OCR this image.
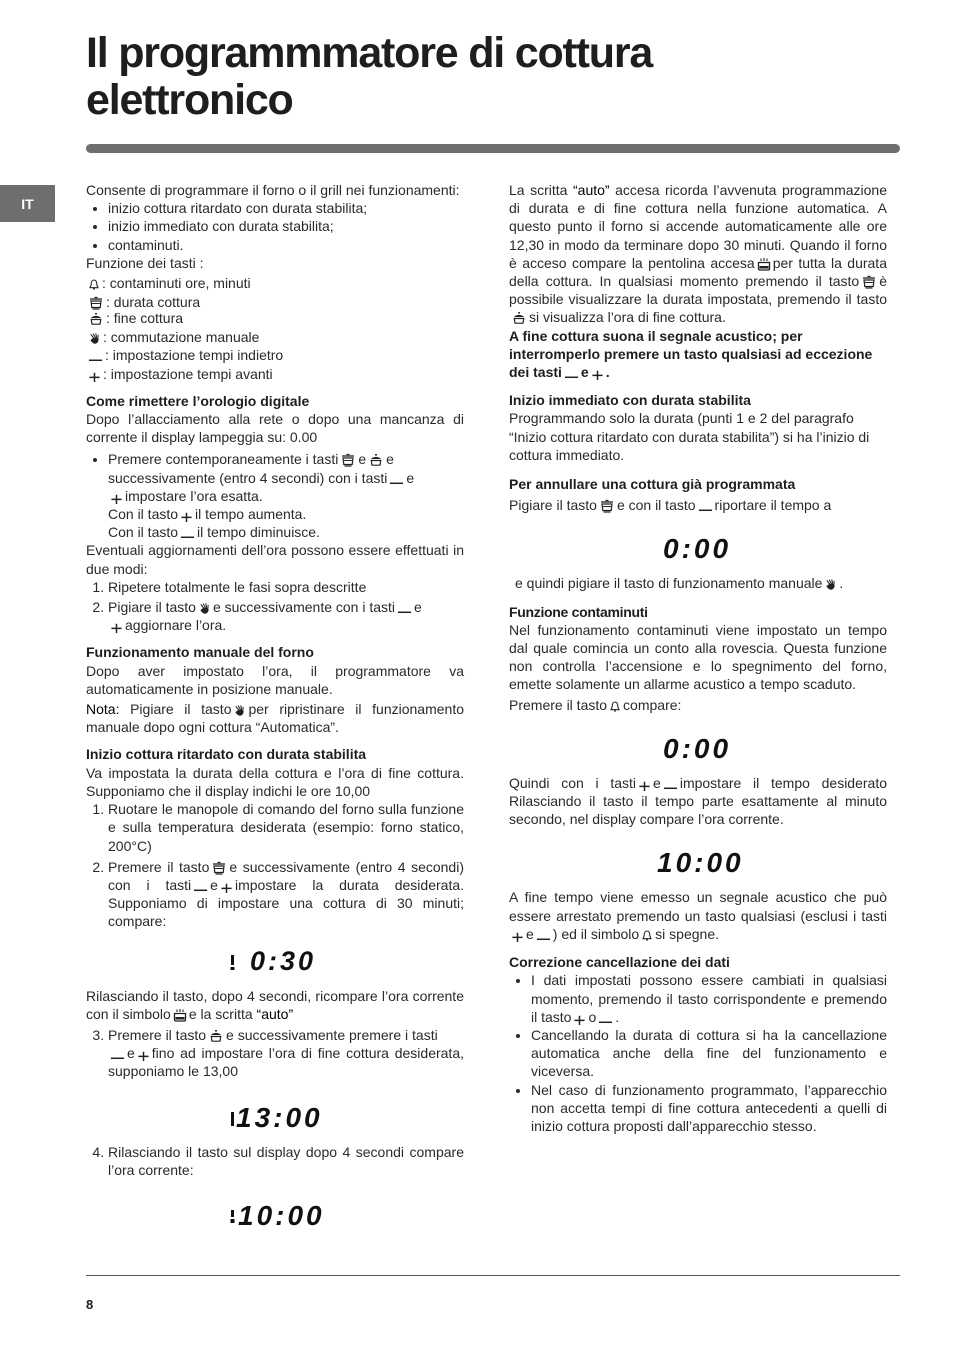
Il programmmatore di cottura
elettronico
IT

Consente di programmare il forno o il grill nei funzionamenti:

• inizio cottura ritardato con durata stabilita;
• inizio immediato con durata stabilita;
• contaminuti.

Funzione dei tasti :

: contaminuti ore, minuti

: durata cottura

: fine cottura

: commutazione manuale

: impostazione tempi indietro

: impostazione tempi avanti

Come rimettere l’orologio digitale

Dopo l’allacciamento alla rete o dopo una mancanza di corrente il display lampeggia su: 0.00

• Premere contemporaneamente i tasti e e successivamente (entro 4 secondi) con i tasti e
impostare l’ora esatta.
Con il tasto il tempo aumenta.
Con il tasto il tempo diminuisce.

Eventuali aggiornamenti dell’ora possono essere effettuati in due modi:

1. Ripetere totalmente le fasi sopra descritte
2. Pigiare il tasto e successivamente con i tasti e
aggiornare l’ora.
Funzionamento manuale del forno

Dopo aver impostato l’ora, il programmatore va automaticamente in posizione manuale.

Nota: Pigiare il tasto per ripristinare il funzionamento manuale dopo ogni cottura “Automatica”.

Inizio cottura ritardato con durata stabilita

Va impostata la durata della cottura e l’ora di fine cottura. Supponiamo che il display indichi le ore 10,00

1. Ruotare le manopole di comando del forno sulla funzione e sulla temperatura desiderata (esempio: forno statico, 200°C)
2. Premere il tasto e successivamente (entro 4 secondi) con i tasti e impostare la durata desiderata. Supponiamo di impostare una cottura di 30 minuti; compare:
0:30

Rilasciando il tasto, dopo 4 secondi, ricompare l’ora corrente con il simbolo e la scritta “auto”

3. Premere il tasto e successivamente premere i tasti
e fino ad impostare l’ora di fine cottura desiderata, supponiamo le 13,00
13:00
4. Rilasciando il tasto sul display dopo 4 secondi compare l’ora corrente:
10:00

La scritta “auto” accesa ricorda l’avvenuta programmazione di durata e di fine cottura nella funzione automatica. A questo punto il forno si accende automaticamente alle ore 12,30 in modo da terminare dopo 30 minuti. Quando il forno è acceso compare la pentolina accesa per tutta la durata della cottura. In qualsiasi momento premendo il tasto è possibile visualizzare la durata impostata, premendo il tastosi visualizza l’ora di fine cottura.

A fine cottura suona il segnale acustico; per interromperlo premere un tasto qualsiasi ad eccezione dei tasti e .

Inizio immediato con durata stabilita

Programmando solo la durata (punti 1 e 2 del paragrafo “Inizio cottura ritardato con durata stabilita”) si ha l’inizio di cottura immediato.

Per annullare una cottura già programmata

Pigiare il tasto e con il tasto riportare il tempo a

0:00

e quindi pigiare il tasto di funzionamento manuale .

Funzione contaminuti

Nel funzionamento contaminuti viene impostato un tempo dal quale comincia un conto alla rovescia. Questa funzione non controlla l’accensione e lo spegnimento del forno, emette solamente un allarme acustico a tempo scaduto.

Premere il tasto compare:

0:00

Quindi con i tasti e impostare il tempo desiderato Rilasciando il tasto il tempo parte esattamente al minuto secondo, nel display compare l’ora corrente.

10:00

A fine tempo viene emesso un segnale acustico che può essere arrestato premendo un tasto qualsiasi (esclusi i tastie ) ed il simbolo si spegne.

Correzione cancellazione dei dati
• I dati impostati possono essere cambiati in qualsiasi momento, premendo il tasto corrispondente e premendo il tasto o .
• Cancellando la durata di cottura si ha la cancellazione automatica anche della fine del funzionamento e viceversa.
• Nel caso di funzionamento programmato, l’apparecchio non accetta tempi di fine cottura antecedenti a quelli di inizio cottura proposti dall’apparecchio stesso.
8
